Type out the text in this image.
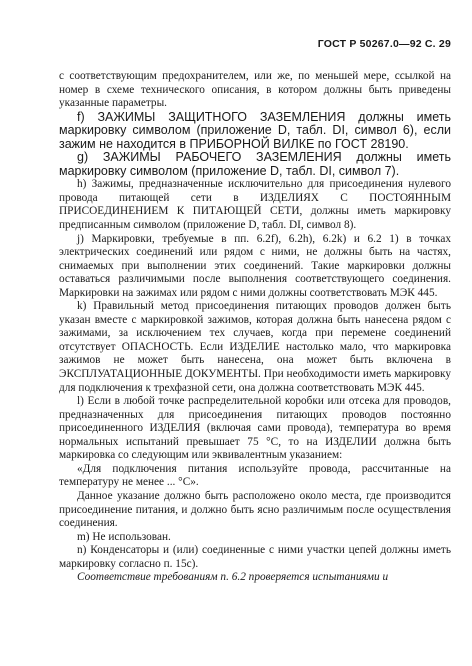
ГОСТ Р 50267.0—92 С. 29

с соответствующим предохранителем, или же, по меньшей мере, ссылкой на номер в схеме технического описания, в котором должны быть приведены указанные параметры.

f) ЗАЖИМЫ ЗАЩИТНОГО ЗАЗЕМЛЕНИЯ должны иметь маркировку символом (приложение D, табл. DI, символ 6), если зажим не находится в ПРИБОРНОЙ ВИЛКЕ по ГОСТ 28190.

g) ЗАЖИМЫ РАБОЧЕГО ЗАЗЕМЛЕНИЯ должны иметь маркировку символом (приложение D, табл. DI, символ 7).

h) Зажимы, предназначенные исключительно для присоединения нулевого провода питающей сети в ИЗДЕЛИЯХ С ПОСТОЯННЫМ ПРИСОЕДИНЕНИЕМ К ПИТАЮЩЕЙ СЕТИ, должны иметь маркировку предписанным символом (приложение D, табл. DI, символ 8).

j) Маркировки, требуемые в пп. 6.2f), 6.2h), 6.2k) и 6.2 1) в точках электрических соединений или рядом с ними, не должны быть на частях, снимаемых при выполнении этих соединений. Такие маркировки должны оставаться различимыми после выполнения соответствующего соединения. Маркировки на зажимах или рядом с ними должны соответствовать МЭК 445.

k) Правильный метод присоединения питающих проводов должен быть указан вместе с маркировкой зажимов, которая должна быть нанесена рядом с зажимами, за исключением тех случаев, когда при перемене соединений отсутствует ОПАСНОСТЬ. Если ИЗДЕЛИЕ настолько мало, что маркировка зажимов не может быть нанесена, она может быть включена в ЭКСПЛУАТАЦИОННЫЕ ДОКУМЕНТЫ. При необходимости иметь маркировку для подключения к трехфазной сети, она должна соответствовать МЭК 445.

l) Если в любой точке распределительной коробки или отсека для проводов, предназначенных для присоединения питающих проводов постоянно присоединенного ИЗДЕЛИЯ (включая сами провода), температура во время нормальных испытаний превышает 75 °С, то на ИЗДЕЛИИ должна быть маркировка со следующим или эквивалентным указанием:

«Для подключения питания используйте провода, рассчитанные на температуру не менее ... °С».

Данное указание должно быть расположено около места, где производится присоединение питания, и должно быть ясно различимым после осуществления соединения.

m) Не использован.

n) Конденсаторы и (или) соединенные с ними участки цепей должны иметь маркировку согласно п. 15с).

Соответствие требованиям п. 6.2 проверяется испытаниями и
